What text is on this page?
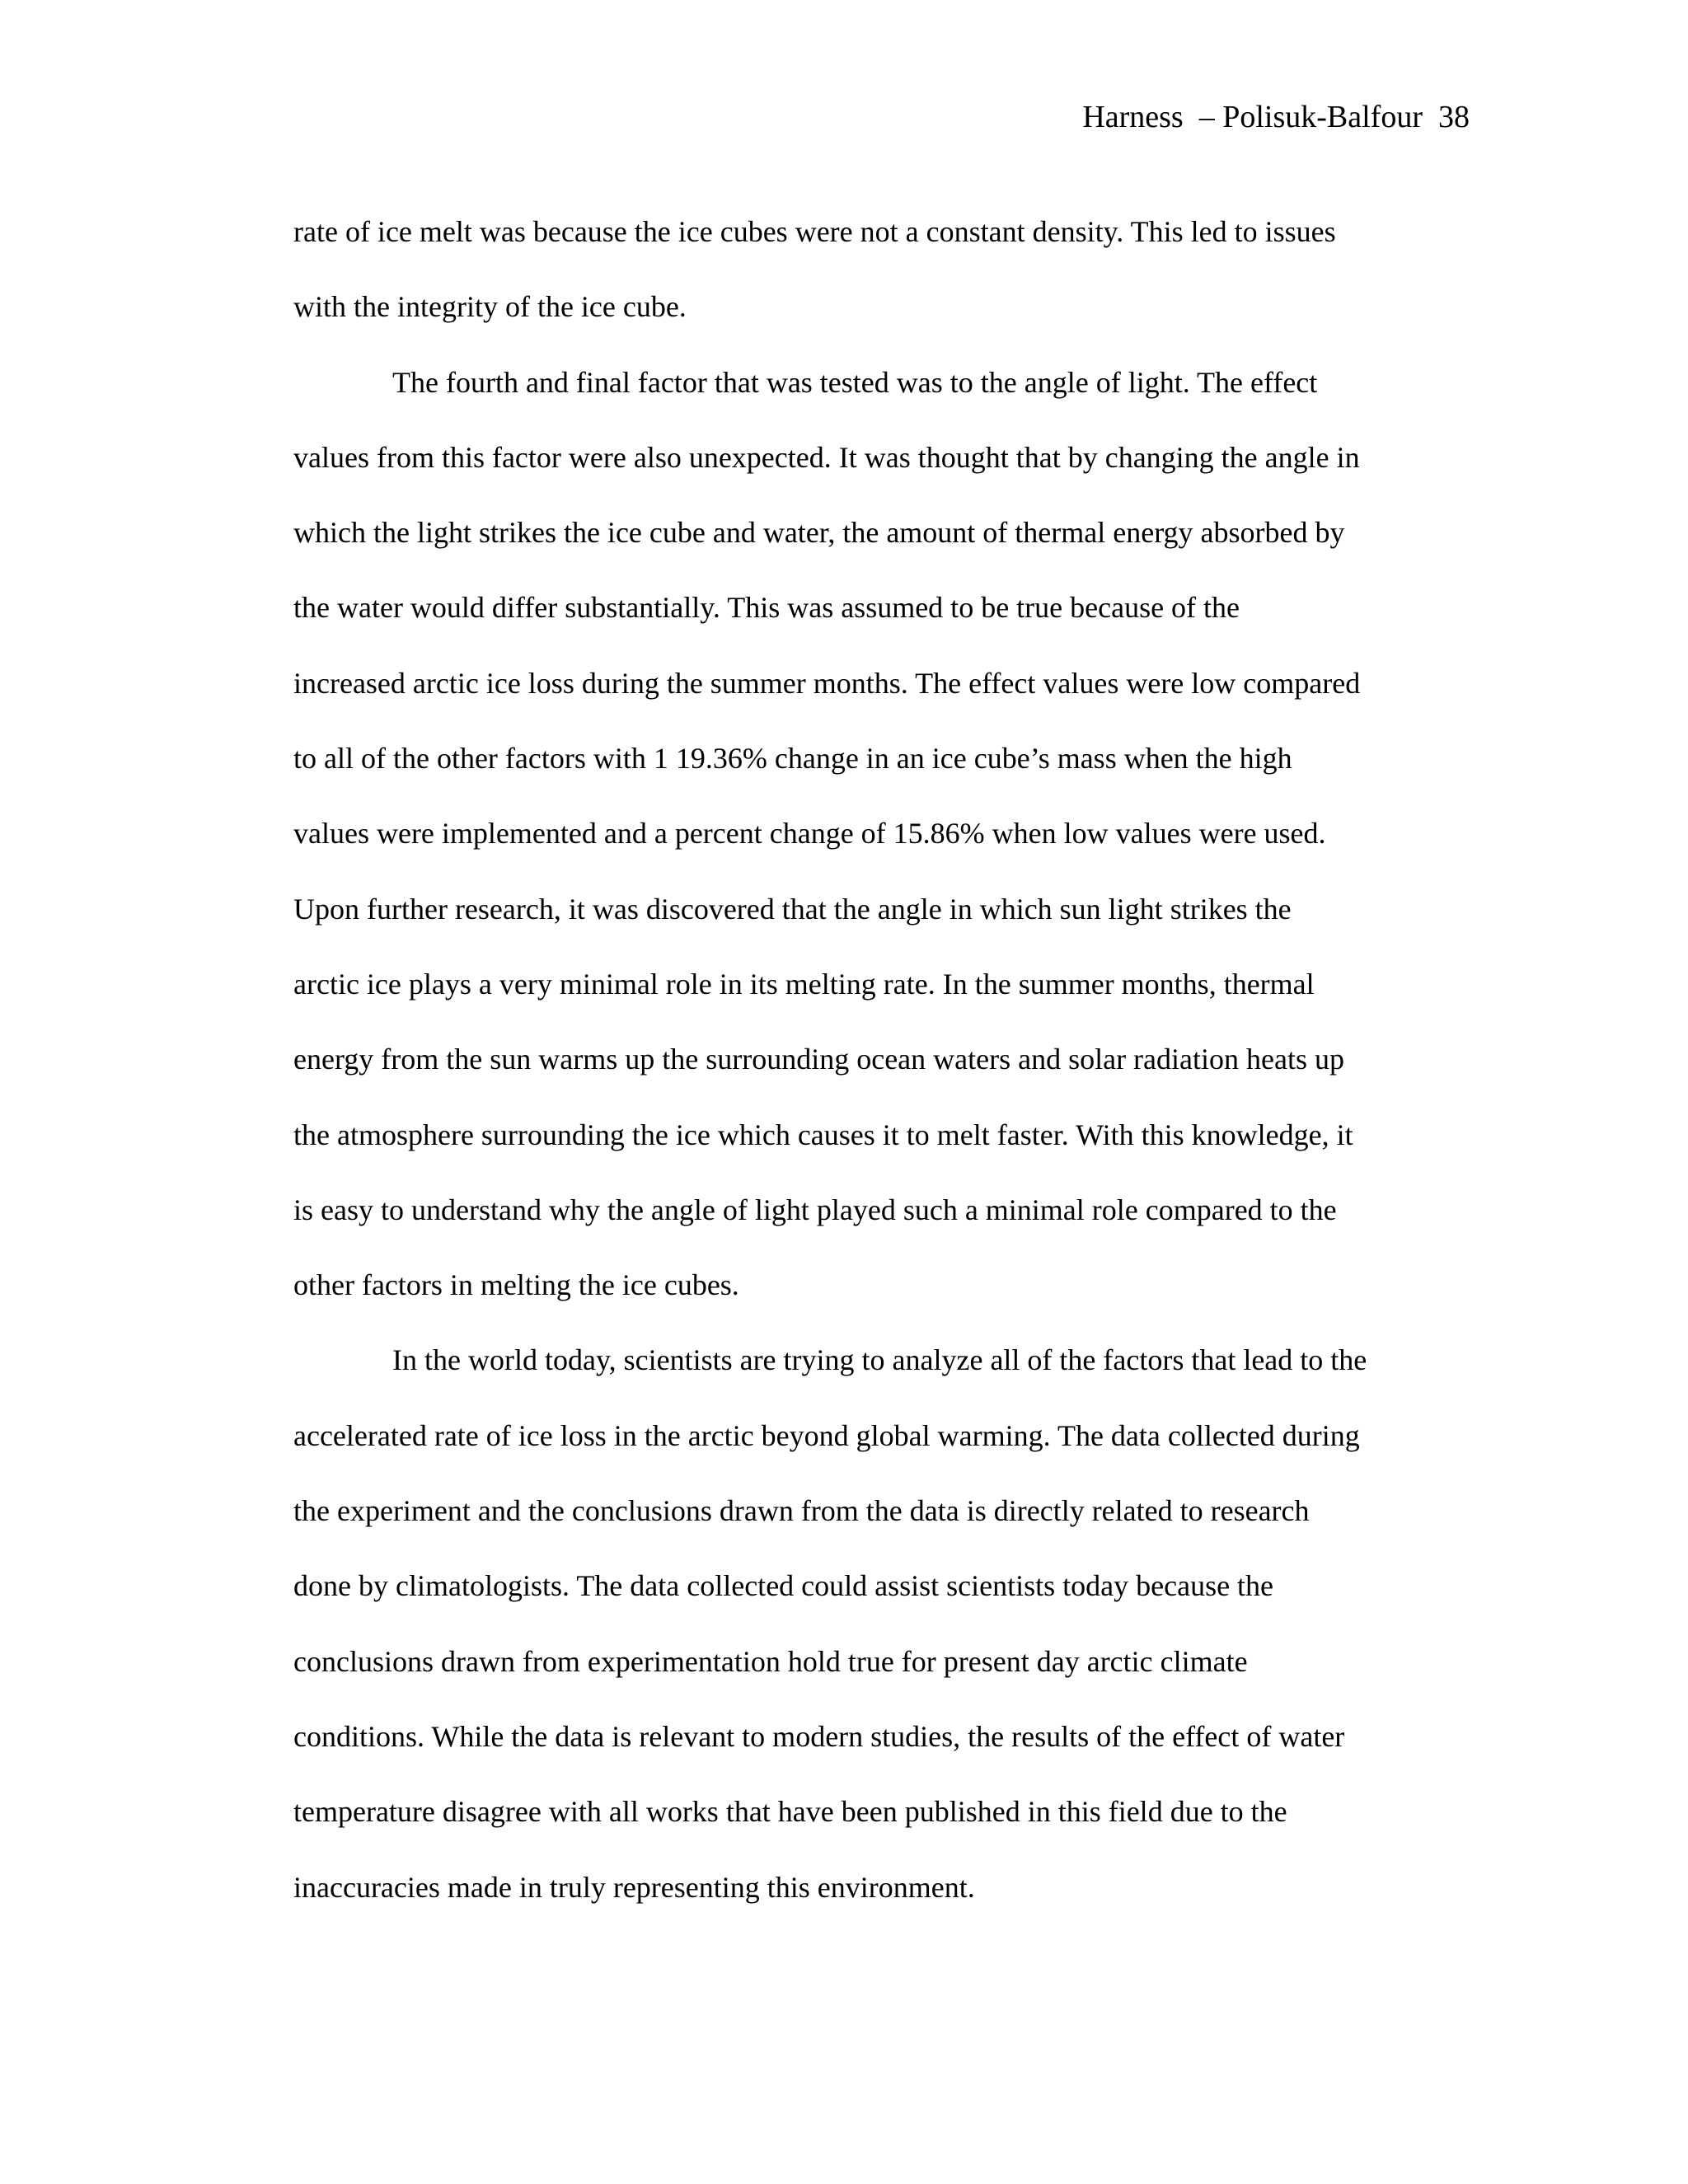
Harness  – Polisuk-Balfour  38
rate of ice melt was because the ice cubes were not a constant density. This led to issues
with the integrity of the ice cube.
The fourth and final factor that was tested was to the angle of light. The effect
values from this factor were also unexpected. It was thought that by changing the angle in
which the light strikes the ice cube and water, the amount of thermal energy absorbed by
the water would differ substantially. This was assumed to be true because of the
increased arctic ice loss during the summer months. The effect values were low compared
to all of the other factors with 1 19.36% change in an ice cube’s mass when the high
values were implemented and a percent change of 15.86% when low values were used.
Upon further research, it was discovered that the angle in which sun light strikes the
arctic ice plays a very minimal role in its melting rate. In the summer months, thermal
energy from the sun warms up the surrounding ocean waters and solar radiation heats up
the atmosphere surrounding the ice which causes it to melt faster. With this knowledge, it
is easy to understand why the angle of light played such a minimal role compared to the
other factors in melting the ice cubes.
In the world today, scientists are trying to analyze all of the factors that lead to the
accelerated rate of ice loss in the arctic beyond global warming. The data collected during
the experiment and the conclusions drawn from the data is directly related to research
done by climatologists. The data collected could assist scientists today because the
conclusions drawn from experimentation hold true for present day arctic climate
conditions. While the data is relevant to modern studies, the results of the effect of water
temperature disagree with all works that have been published in this field due to the
inaccuracies made in truly representing this environment.
